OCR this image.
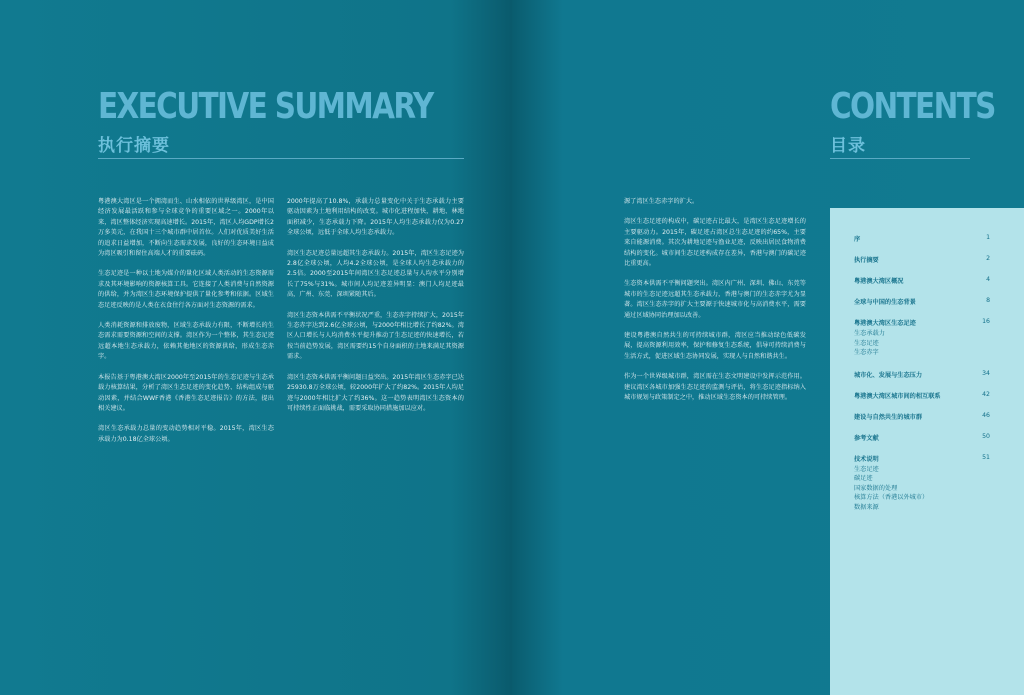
EXECUTIVE SUMMARY
执行摘要

粤港澳大湾区是一个拥湾而生、山水相依的世界级湾区，是中国经济发展最活跃和参与全球竞争的重要区域之一。2000年以来，湾区整体经济实现高速增长。2015年，湾区人均GDP增长2万多美元，在我国十三个城市群中居首位。人们对优质美好生活的追求日益增加，不断向生态需求发展，良好的生态环境日益成为湾区吸引和留住高端人才的重要砝码。

生态足迹是一种以土地为媒介的量化区域人类活动的生态资源需求及其环境影响的资源核算工具。它连接了人类消费与自然资源的供给，并为湾区生态环境保护提供了量化参考和依据。区域生态足迹反映的是人类在衣食住行各方面对生态资源的需求。

人类消耗资源和排放废物，区域生态承载力有限，不断增长的生态需求需要资源和空间的支撑。湾区作为一个整体，其生态足迹远超本地生态承载力，依赖其他地区的资源供给，形成生态赤字。

本报告基于粤港澳大湾区2000年至2015年的生态足迹与生态承载力核算结果，分析了湾区生态足迹的变化趋势、结构组成与驱动因素，并结合WWF香港《香港生态足迹报告》的方法，提出相关建议。

湾区生态承载力总量的变动趋势相对平稳。2015年，湾区生态承载力为0.18亿全球公顷。

2000年提高了10.8%，承载力总量变化中关于生态承载力主要驱动因素为土地利用结构的改变。城市化进程加快，耕地、林地面积减少，生态承载力下降。2015年人均生态承载力仅为0.27全球公顷，远低于全球人均生态承载力。

湾区生态足迹总量远超其生态承载力。2015年，湾区生态足迹为2.8亿全球公顷，人均4.2全球公顷，是全球人均生态承载力的2.5倍。2000至2015年间湾区生态足迹总量与人均水平分别增长了75%与31%。城市间人均足迹差异明显：澳门人均足迹最高，广州、东莞、深圳紧随其后。

湾区生态资本供需不平衡状况严重，生态赤字持续扩大，2015年生态赤字达到2.6亿全球公顷，与2000年相比增长了约82%。湾区人口增长与人均消费水平提升推动了生态足迹的快速增长，若按当前趋势发展，湾区需要约15个自身面积的土地来满足其资源需求。

湾区生态资本供需平衡问题日益突出。2015年湾区生态赤字已达25930.8万全球公顷，较2000年扩大了约82%。2015年人均足迹与2000年相比扩大了约36%。这一趋势表明湾区生态资本的可持续性正面临挑战，需要采取协同措施加以应对。

CONTENTS
目录

源了湾区生态赤字的扩大。

湾区生态足迹的构成中，碳足迹占比最大，是湾区生态足迹增长的主要驱动力。2015年，碳足迹占湾区总生态足迹的约65%，主要来自能源消费。其次为耕地足迹与渔业足迹，反映出居民食物消费结构的变化。城市间生态足迹构成存在差异，香港与澳门的碳足迹比重更高。

生态资本供需不平衡问题突出。湾区内广州、深圳、佛山、东莞等城市的生态足迹远超其生态承载力，香港与澳门的生态赤字尤为显著。湾区生态赤字的扩大主要源于快速城市化与高消费水平，需要通过区域协同治理加以改善。

建设粤港澳自然共生的可持续城市群，湾区应当推动绿色低碳发展，提高资源利用效率，保护和修复生态系统，倡导可持续消费与生活方式，促进区域生态协同发展，实现人与自然和谐共生。

作为一个世界级城市群，湾区需在生态文明建设中发挥示范作用。建议湾区各城市加强生态足迹的监测与评估，将生态足迹指标纳入城市规划与政策制定之中，推动区域生态资本的可持续管理。

序	1
执行摘要	2
粤港澳大湾区概况	4
全球与中国的生态背景	8
粤港澳大湾区生态足迹	16
生态承载力
生态足迹
生态赤字
城市化、发展与生态压力	34
粤港澳大湾区城市间的相互联系	42
建设与自然共生的城市群	46
参考文献	50
技术说明	51
生态足迹
碳足迹
国家数据的处理
核算方法（香港以外城市）
数据来源
